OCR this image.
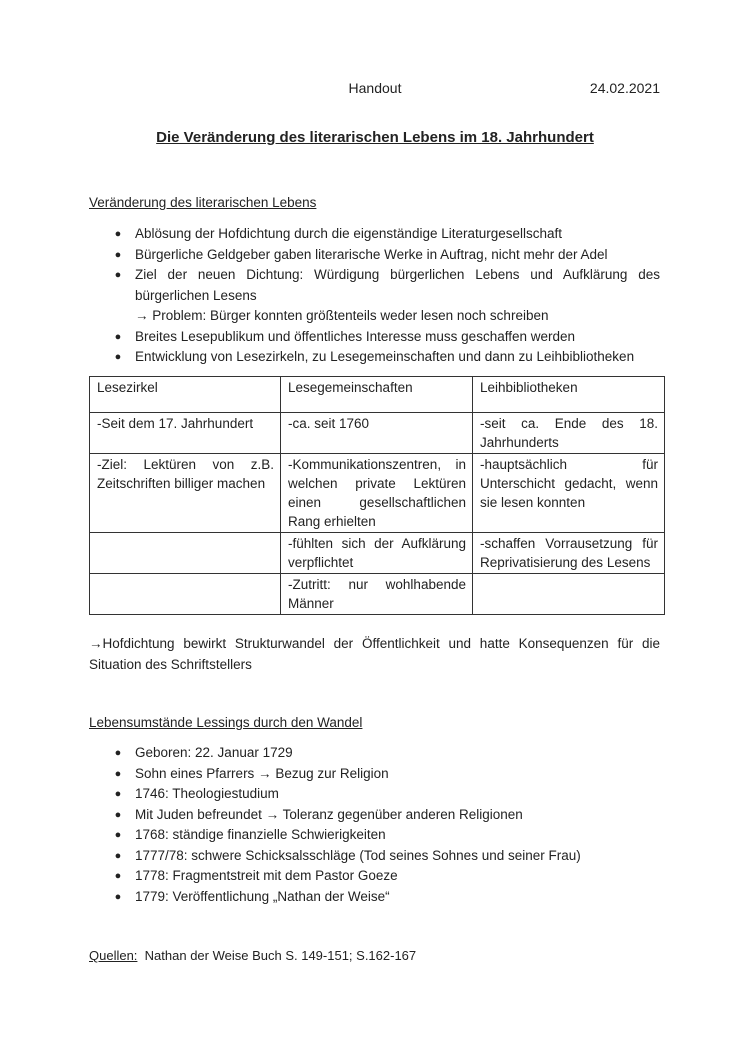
Handout	24.02.2021
Die Veränderung des literarischen Lebens im 18. Jahrhundert
Veränderung des literarischen Lebens
● Ablösung der Hofdichtung durch die eigenständige Literaturgesellschaft
● Bürgerliche Geldgeber gaben literarische Werke in Auftrag, nicht mehr der Adel
● Ziel der neuen Dichtung: Würdigung bürgerlichen Lebens und Aufklärung des bürgerlichen Lesens
→ Problem: Bürger konnten größtenteils weder lesen noch schreiben
● Breites Lesepublikum und öffentliches Interesse muss geschaffen werden
● Entwicklung von Lesezirkeln, zu Lesegemeinschaften und dann zu Leihbibliotheken
Lesezirkel	Lesegemeinschaften	Leihbibliotheken
-Seit dem 17. Jahrhundert	-ca. seit 1760	-seit ca. Ende des 18. Jahrhunderts
-Ziel: Lektüren von z.B. Zeitschriften billiger machen	-Kommunikationszentren, in welchen private Lektüren einen gesellschaftlichen Rang erhielten	-hauptsächlich für Unterschicht gedacht, wenn sie lesen konnten
	-fühlten sich der Aufklärung verpflichtet	-schaffen Vorrausetzung für Reprivatisierung des Lesens
	-Zutritt: nur wohlhabende Männer	
→Hofdichtung bewirkt Strukturwandel der Öffentlichkeit und hatte Konsequenzen für die Situation des Schriftstellers
Lebensumstände Lessings durch den Wandel
● Geboren: 22. Januar 1729
● Sohn eines Pfarrers → Bezug zur Religion
● 1746: Theologiestudium
● Mit Juden befreundet → Toleranz gegenüber anderen Religionen
● 1768: ständige finanzielle Schwierigkeiten
● 1777/78: schwere Schicksalsschläge (Tod seines Sohnes und seiner Frau)
● 1778: Fragmentstreit mit dem Pastor Goeze
● 1779: Veröffentlichung „Nathan der Weise“
Quellen: Nathan der Weise Buch S. 149-151; S.162-167
